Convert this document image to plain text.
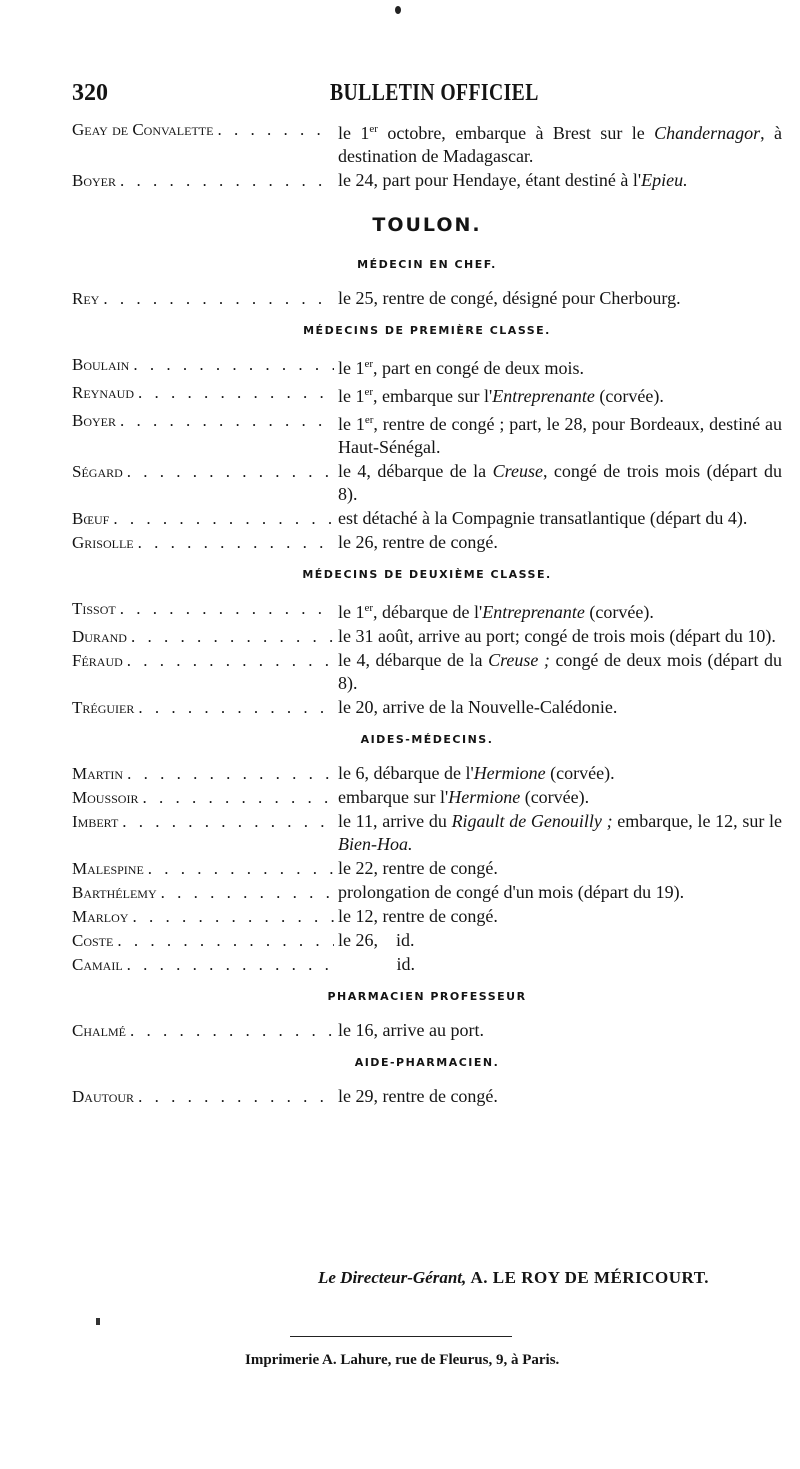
320	BULLETIN OFFICIEL
Geay de Convalette . . .	le 1er octobre, embarque à Brest sur le Chandernagor, à destination de Madagascar.
Boyer . . .	le 24, part pour Hendaye, étant destiné à l'Epieu.
TOULON.
MÉDECIN EN CHEF.
Rey . . .	le 25, rentre de congé, désigné pour Cherbourg.
MÉDECINS DE PREMIÈRE CLASSE.
Boulain . . .	le 1er, part en congé de deux mois.
Reynaud . . .	le 1er, embarque sur l'Entreprenante (corvée).
Boyer . . .	le 1er, rentre de congé ; part, le 28, pour Bordeaux, destiné au Haut-Sénégal.
Ségard . . .	le 4, débarque de la Creuse, congé de trois mois (départ du 8).
Bœuf . . .	est détaché à la Compagnie transatlantique (départ du 4).
Grisolle . . .	le 26, rentre de congé.
MÉDECINS DE DEUXIÈME CLASSE.
Tissot . . .	le 1er, débarque de l'Entreprenante (corvée).
Durand . . .	le 31 août, arrive au port; congé de trois mois (départ du 10).
Féraud . . .	le 4, débarque de la Creuse ; congé de deux mois (départ du 8).
Tréguier . . .	le 20, arrive de la Nouvelle-Calédonie.
AIDES-MÉDECINS.
Martin . . .	le 6, débarque de l'Hermione (corvée).
Moussoir . . .	embarque sur l'Hermione (corvée).
Imbert . . .	le 11, arrive du Rigault de Genouilly ; embarque, le 12, sur le Bien-Hoa.
Malespine . . .	le 22, rentre de congé.
Barthélemy . . .	prolongation de congé d'un mois (départ du 19).
Marloy . . .	le 12, rentre de congé.
Coste . . .	le 26,    id.
Camail . . .	id.
PHARMACIEN PROFESSEUR
Chalmé . . .	le 16, arrive au port.
AIDE-PHARMACIEN.
Dautour . . .	le 29, rentre de congé.
Le Directeur-Gérant, A. LE ROY DE MÉRICOURT.
Imprimerie A. Lahure, rue de Fleurus, 9, à Paris.
